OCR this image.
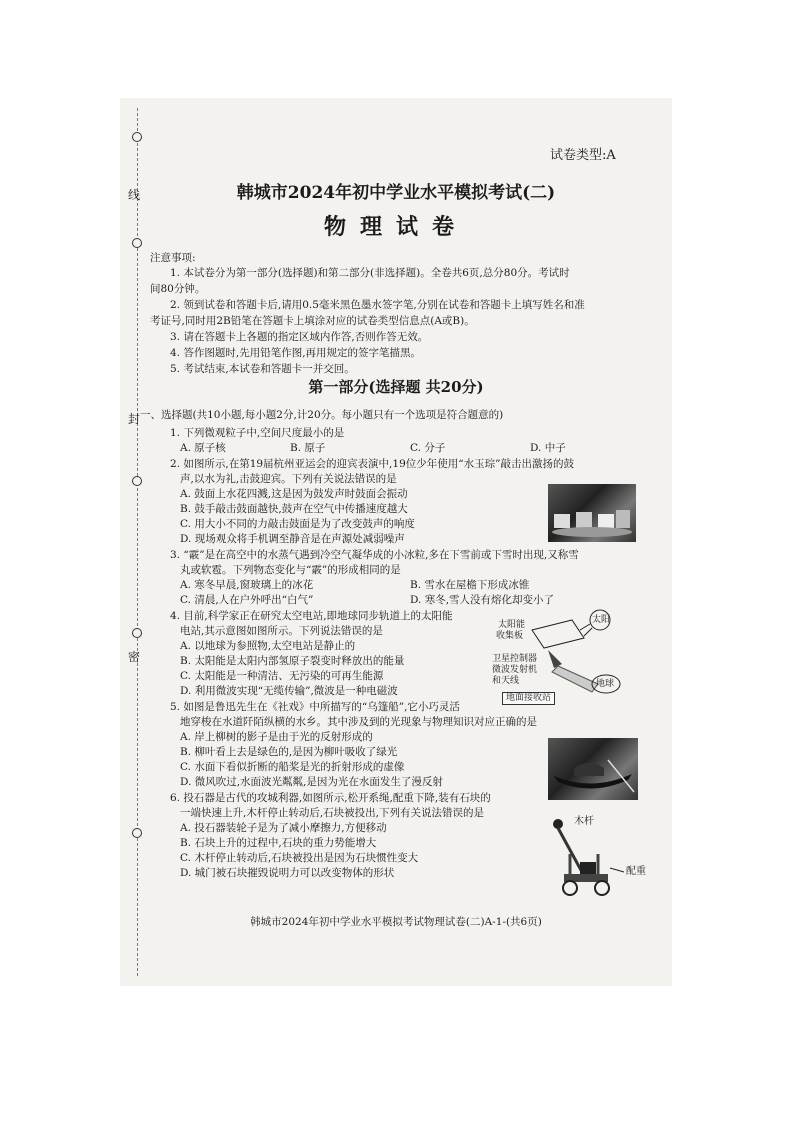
线
封
密
试卷类型:A
韩城市2024年初中学业水平模拟考试(二)
物理试卷
注意事项:
1. 本试卷分为第一部分(选择题)和第二部分(非选择题)。全卷共6页,总分80分。考试时
间80分钟。
2. 领到试卷和答题卡后,请用0.5毫米黑色墨水签字笔,分别在试卷和答题卡上填写姓名和准
考证号,同时用2B铅笔在答题卡上填涂对应的试卷类型信息点(A或B)。
3. 请在答题卡上各题的指定区域内作答,否则作答无效。
4. 答作图题时,先用铅笔作图,再用规定的签字笔描黑。
5. 考试结束,本试卷和答题卡一并交回。
第一部分(选择题 共20分)
一、选择题(共10小题,每小题2分,计20分。每小题只有一个选项是符合题意的)
1. 下列微观粒子中,空间尺度最小的是
A. 原子核	B. 原子	C. 分子	D. 中子
2. 如图所示,在第19届杭州亚运会的迎宾表演中,19位少年使用“水玉琮”敲击出激扬的鼓
声,以水为礼,击鼓迎宾。下列有关说法错误的是
A. 鼓面上水花四溅,这是因为鼓发声时鼓面会振动
B. 鼓手敲击鼓面越快,鼓声在空气中传播速度越大
C. 用大小不同的力敲击鼓面是为了改变鼓声的响度
D. 现场观众将手机调至静音是在声源处减弱噪声
3. “霰”是在高空中的水蒸气遇到冷空气凝华成的小冰粒,多在下雪前或下雪时出现,又称雪
丸或软雹。下列物态变化与“霰”的形成相同的是
A. 寒冬早晨,窗玻璃上的冰花	B. 雪水在屋檐下形成冰锥
C. 清晨,人在户外呼出“白气”	D. 寒冬,雪人没有熔化却变小了
4. 目前,科学家正在研究太空电站,即地球同步轨道上的太阳能
电站,其示意图如图所示。下列说法错误的是
A. 以地球为参照物,太空电站是静止的
B. 太阳能是太阳内部氢原子裂变时释放出的能量
C. 太阳能是一种清洁、无污染的可再生能源
D. 利用微波实现“无缆传输”,微波是一种电磁波
太阳
太阳能
收集板
卫星控制器
微波发射机
和天线	地球
地面接收站
5. 如图是鲁迅先生在《社戏》中所描写的“乌篷船”,它小巧灵活
地穿梭在水道阡陌纵横的水乡。其中涉及到的光现象与物理知识对应正确的是
A. 岸上柳树的影子是由于光的反射形成的
B. 柳叶看上去是绿色的,是因为柳叶吸收了绿光
C. 水面下看似折断的船桨是光的折射形成的虚像
D. 微风吹过,水面波光粼粼,是因为光在水面发生了漫反射
6. 投石器是古代的攻城利器,如图所示,松开系绳,配重下降,装有石块的
一端快速上升,木杆停止转动后,石块被投出,下列有关说法错误的是
A. 投石器装轮子是为了减小摩擦力,方便移动
B. 石块上升的过程中,石块的重力势能增大
C. 木杆停止转动后,石块被投出是因为石块惯性变大
D. 城门被石块摧毁说明力可以改变物体的形状
木杆
配重
韩城市2024年初中学业水平模拟考试物理试卷(二)A-1-(共6页)
